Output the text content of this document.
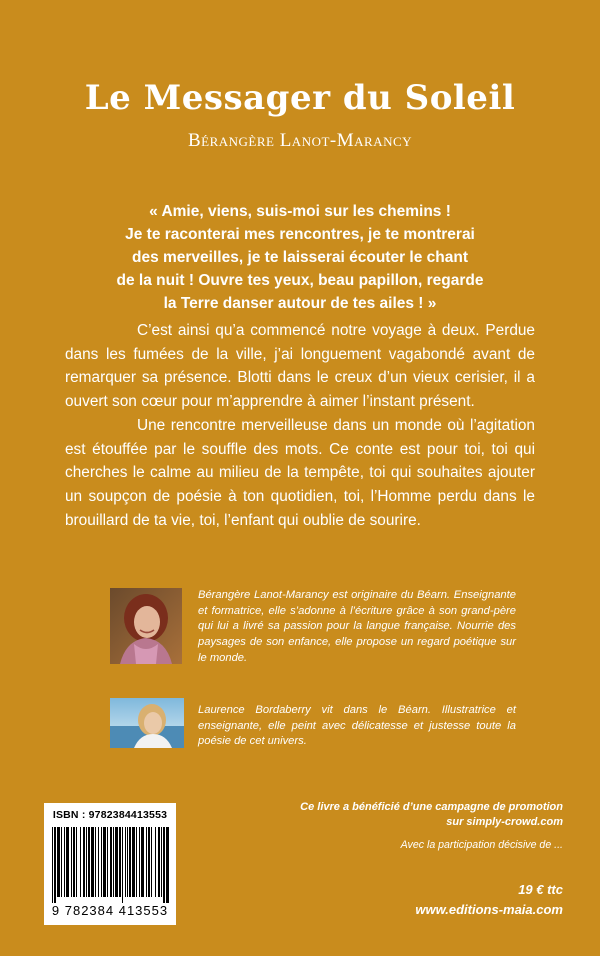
Le Messager du Soleil
Bérangère Lanot-Marancy
« Amie, viens, suis-moi sur les chemins !
Je te raconterai mes rencontres, je te montrerai
des merveilles, je te laisserai écouter le chant
de la nuit ! Ouvre tes yeux, beau papillon, regarde
la Terre danser autour de tes ailes ! »

C’est ainsi qu’a commencé notre voyage à deux. Perdue dans les fumées de la ville, j’ai longuement vagabondé avant de remarquer sa présence. Blotti dans le creux d’un vieux cerisier, il a ouvert son cœur pour m’apprendre à aimer l’instant présent.

Une rencontre merveilleuse dans un monde où l’agitation est étouffée par le souffle des mots. Ce conte est pour toi, toi qui cherches le calme au milieu de la tempête, toi qui souhaites ajouter un soupçon de poésie à ton quotidien, toi, l’Homme perdu dans le brouillard de ta vie, toi, l’enfant qui oublie de sourire.

Bérangère Lanot-Marancy est originaire du Béarn. Enseignante et formatrice, elle s’adonne à l’écriture grâce à son grand-père qui lui a livré sa passion pour la langue française. Nourrie des paysages de son enfance, elle propose un regard poétique sur le monde.
Laurence Bordaberry vit dans le Béarn. Illustratrice et enseignante, elle peint avec délicatesse et justesse toute la poésie de cet univers.
ISBN : 9782384413553
9 782384 413553
Ce livre a bénéficié d’une campagne de promotion
sur simply-crowd.com
Avec la participation décisive de ...
19 € ttc
www.editions-maia.com
